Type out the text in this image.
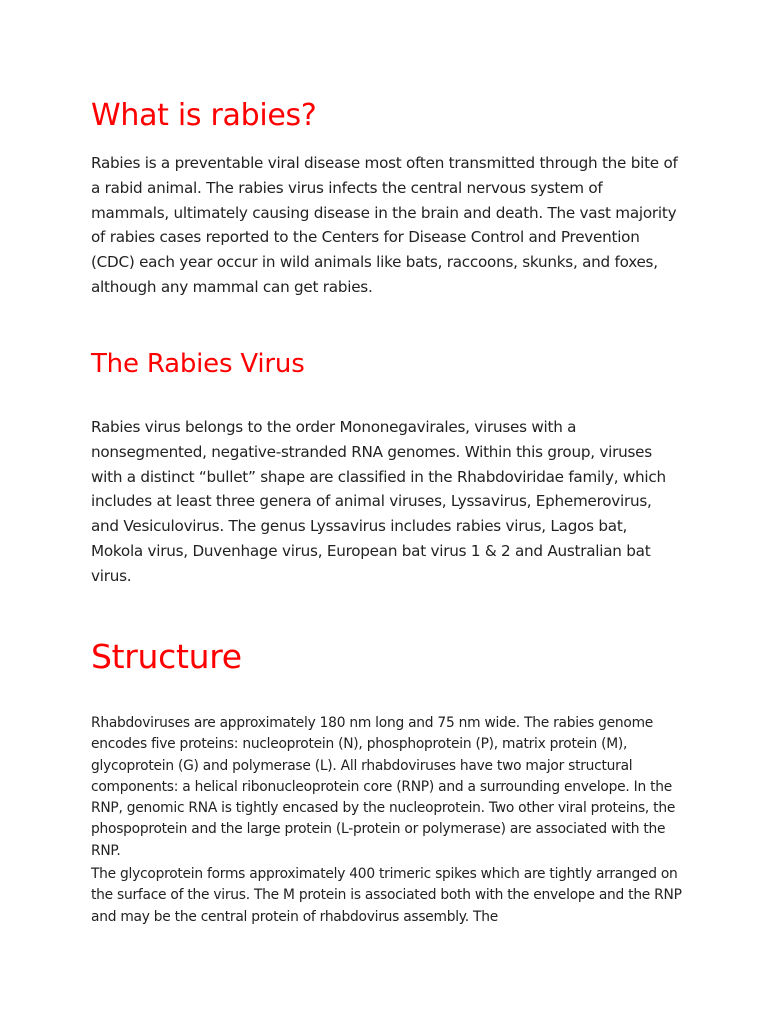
What is rabies?

Rabies is a preventable viral disease most often transmitted through the bite of a rabid animal. The rabies virus infects the central nervous system of mammals, ultimately causing disease in the brain and death. The vast majority of rabies cases reported to the Centers for Disease Control and Prevention (CDC) each year occur in wild animals like bats, raccoons, skunks, and foxes, although any mammal can get rabies.

The Rabies Virus

Rabies virus belongs to the order Mononegavirales, viruses with a nonsegmented, negative-stranded RNA genomes. Within this group, viruses with a distinct “bullet” shape are classified in the Rhabdoviridae family, which includes at least three genera of animal viruses, Lyssavirus, Ephemerovirus, and Vesiculovirus. The genus Lyssavirus includes rabies virus, Lagos bat, Mokola virus, Duvenhage virus, European bat virus 1 & 2 and Australian bat virus.

Structure

Rhabdoviruses are approximately 180 nm long and 75 nm wide. The rabies genome encodes five proteins: nucleoprotein (N), phosphoprotein (P), matrix protein (M), glycoprotein (G) and polymerase (L). All rhabdoviruses have two major structural components: a helical ribonucleoprotein core (RNP) and a surrounding envelope. In the RNP, genomic RNA is tightly encased by the nucleoprotein. Two other viral proteins, the phospoprotein and the large protein (L-protein or polymerase) are associated with the RNP.

The glycoprotein forms approximately 400 trimeric spikes which are tightly arranged on the surface of the virus. The M protein is associated both with the envelope and the RNP and may be the central protein of rhabdovirus assembly. The
